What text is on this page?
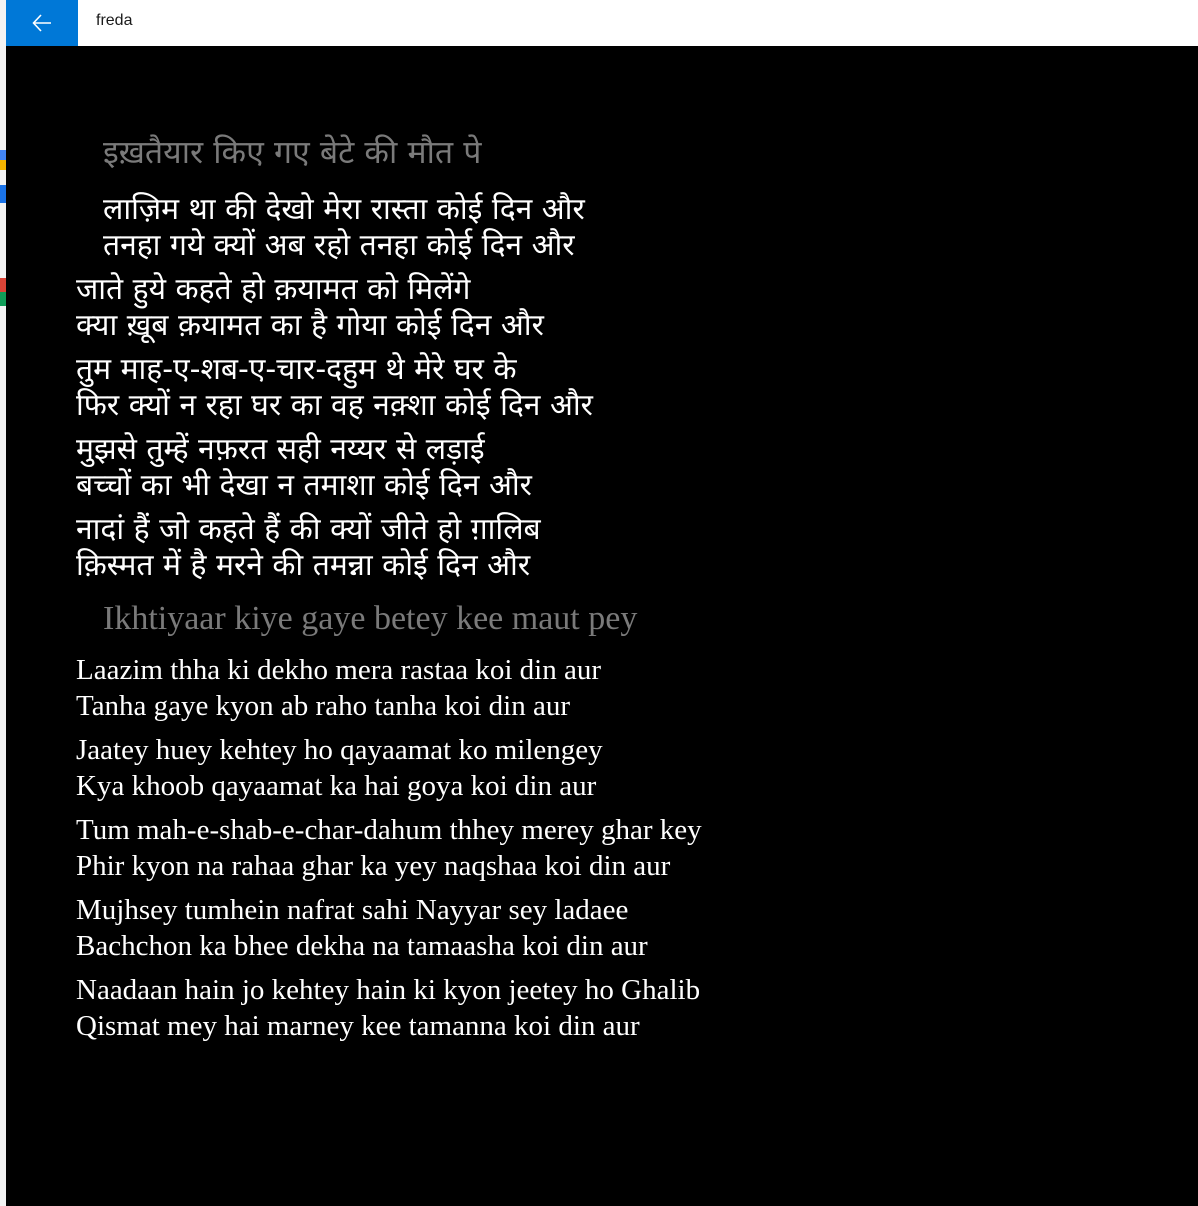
freda
इख़तैयार किए गए बेटे की मौत पे
लाज़िम था की देखो मेरा रास्ता कोई दिन और
तनहा गये क्यों अब रहो तनहा कोई दिन और
जाते हुये कहते हो क़यामत को मिलेंगे
क्या ख़ूब क़यामत का है गोया कोई दिन और
तुम माह-ए-शब-ए-चार-दहुम थे मेरे घर के
फिर क्यों न रहा घर का वह नक़्शा कोई दिन और
मुझसे तुम्हें नफ़रत सही नय्यर से लड़ाई
बच्चों का भी देखा न तमाशा कोई दिन और
नादां हैं जो कहते हैं की क्यों जीते हो ग़ालिब
क़िस्मत में है मरने की तमन्ना कोई दिन और
Ikhtiyaar kiye gaye betey kee maut pey
Laazim thha ki dekho mera rastaa koi din aur
Tanha gaye kyon ab raho tanha koi din aur
Jaatey huey kehtey ho qayaamat ko milengey
Kya khoob qayaamat ka hai goya koi din aur
Tum mah-e-shab-e-char-dahum thhey merey ghar key
Phir kyon na rahaa ghar ka yey naqshaa koi din aur
Mujhsey tumhein nafrat sahi Nayyar sey ladaee
Bachchon ka bhee dekha na tamaasha koi din aur
Naadaan hain jo kehtey hain ki kyon jeetey ho Ghalib
Qismat mey hai marney kee tamanna koi din aur
